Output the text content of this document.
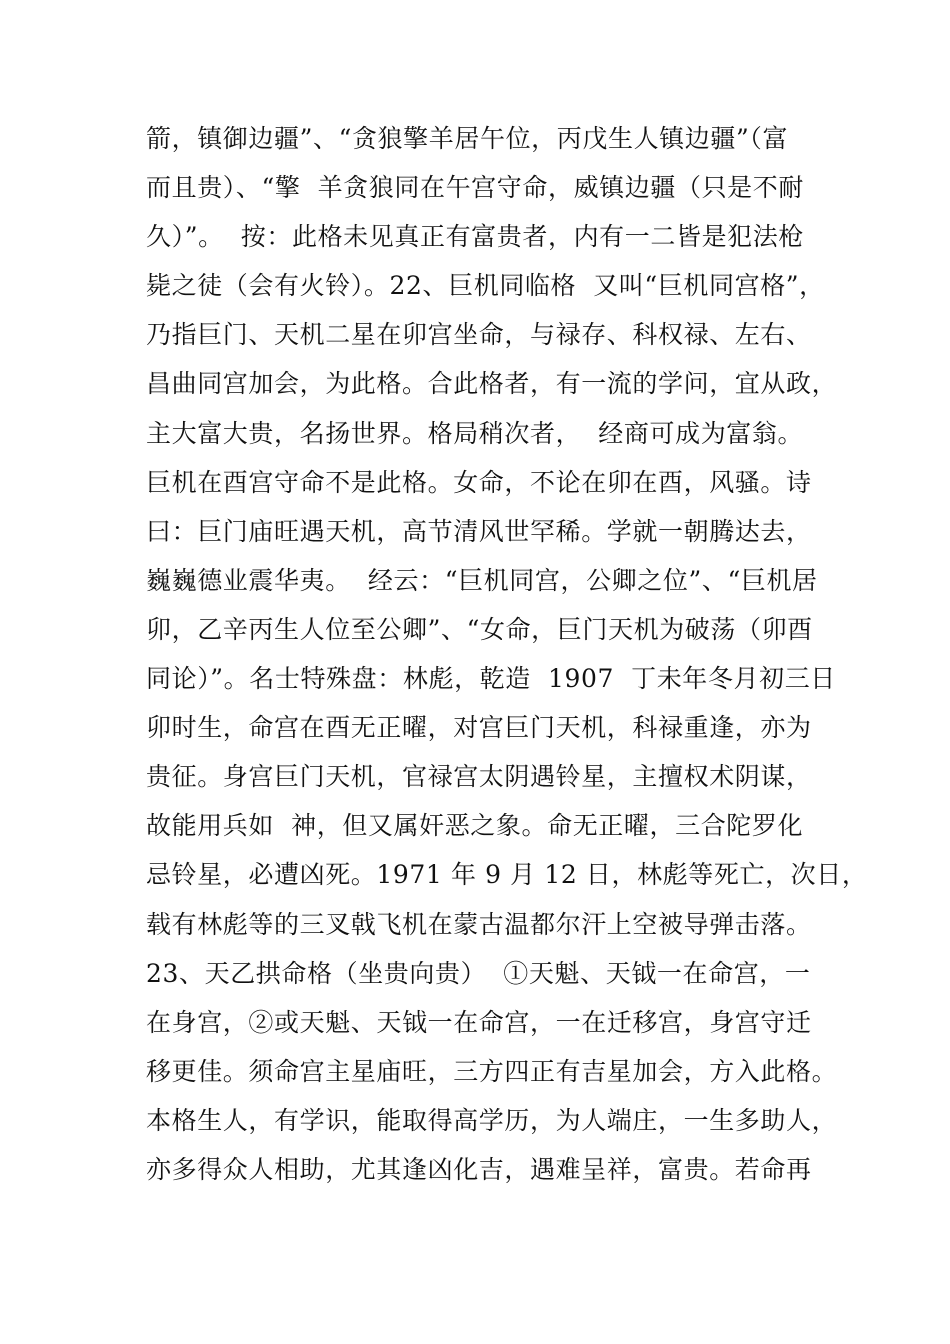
箭，镇御边疆”、“贪狼擎羊居午位，丙戊生人镇边疆”（富
而且贵）、“擎  羊贪狼同在午宫守命，威镇边疆（只是不耐
久）”。  按：此格未见真正有富贵者，内有一二皆是犯法枪
毙之徒（会有火铃）。22、巨机同临格  又叫“巨机同宫格”，
乃指巨门、天机二星在卯宫坐命，与禄存、科权禄、左右、
昌曲同宫加会，为此格。合此格者，有一流的学问，宜从政，
主大富大贵，名扬世界。格局稍次者，  经商可成为富翁。
巨机在酉宫守命不是此格。女命，不论在卯在酉，风骚。诗
曰：巨门庙旺遇天机，高节清风世罕稀。学就一朝腾达去，
巍巍德业震华夷。  经云：“巨机同宫，公卿之位”、“巨机居
卯，乙辛丙生人位至公卿”、“女命，巨门天机为破荡（卯酉
同论）”。名士特殊盘：林彪，乾造  1907  丁未年冬月初三日
卯时生，命宫在酉无正曜，对宫巨门天机，科禄重逢，亦为
贵征。身宫巨门天机，官禄宫太阴遇铃星，主擅权术阴谋，
故能用兵如  神，但又属奸恶之象。命无正曜，三合陀罗化
忌铃星，必遭凶死。1971 年 9 月 12 日，林彪等死亡，次日，
载有林彪等的三叉戟飞机在蒙古温都尔汗上空被导弹击落。
23、天乙拱命格（坐贵向贵）  ①天魁、天钺一在命宫，一
在身宫，②或天魁、天钺一在命宫，一在迁移宫，身宫守迁
移更佳。须命宫主星庙旺，三方四正有吉星加会，方入此格。
本格生人，有学识，能取得高学历，为人端庄，一生多助人，
亦多得众人相助，尤其逢凶化吉，遇难呈祥，富贵。若命再
